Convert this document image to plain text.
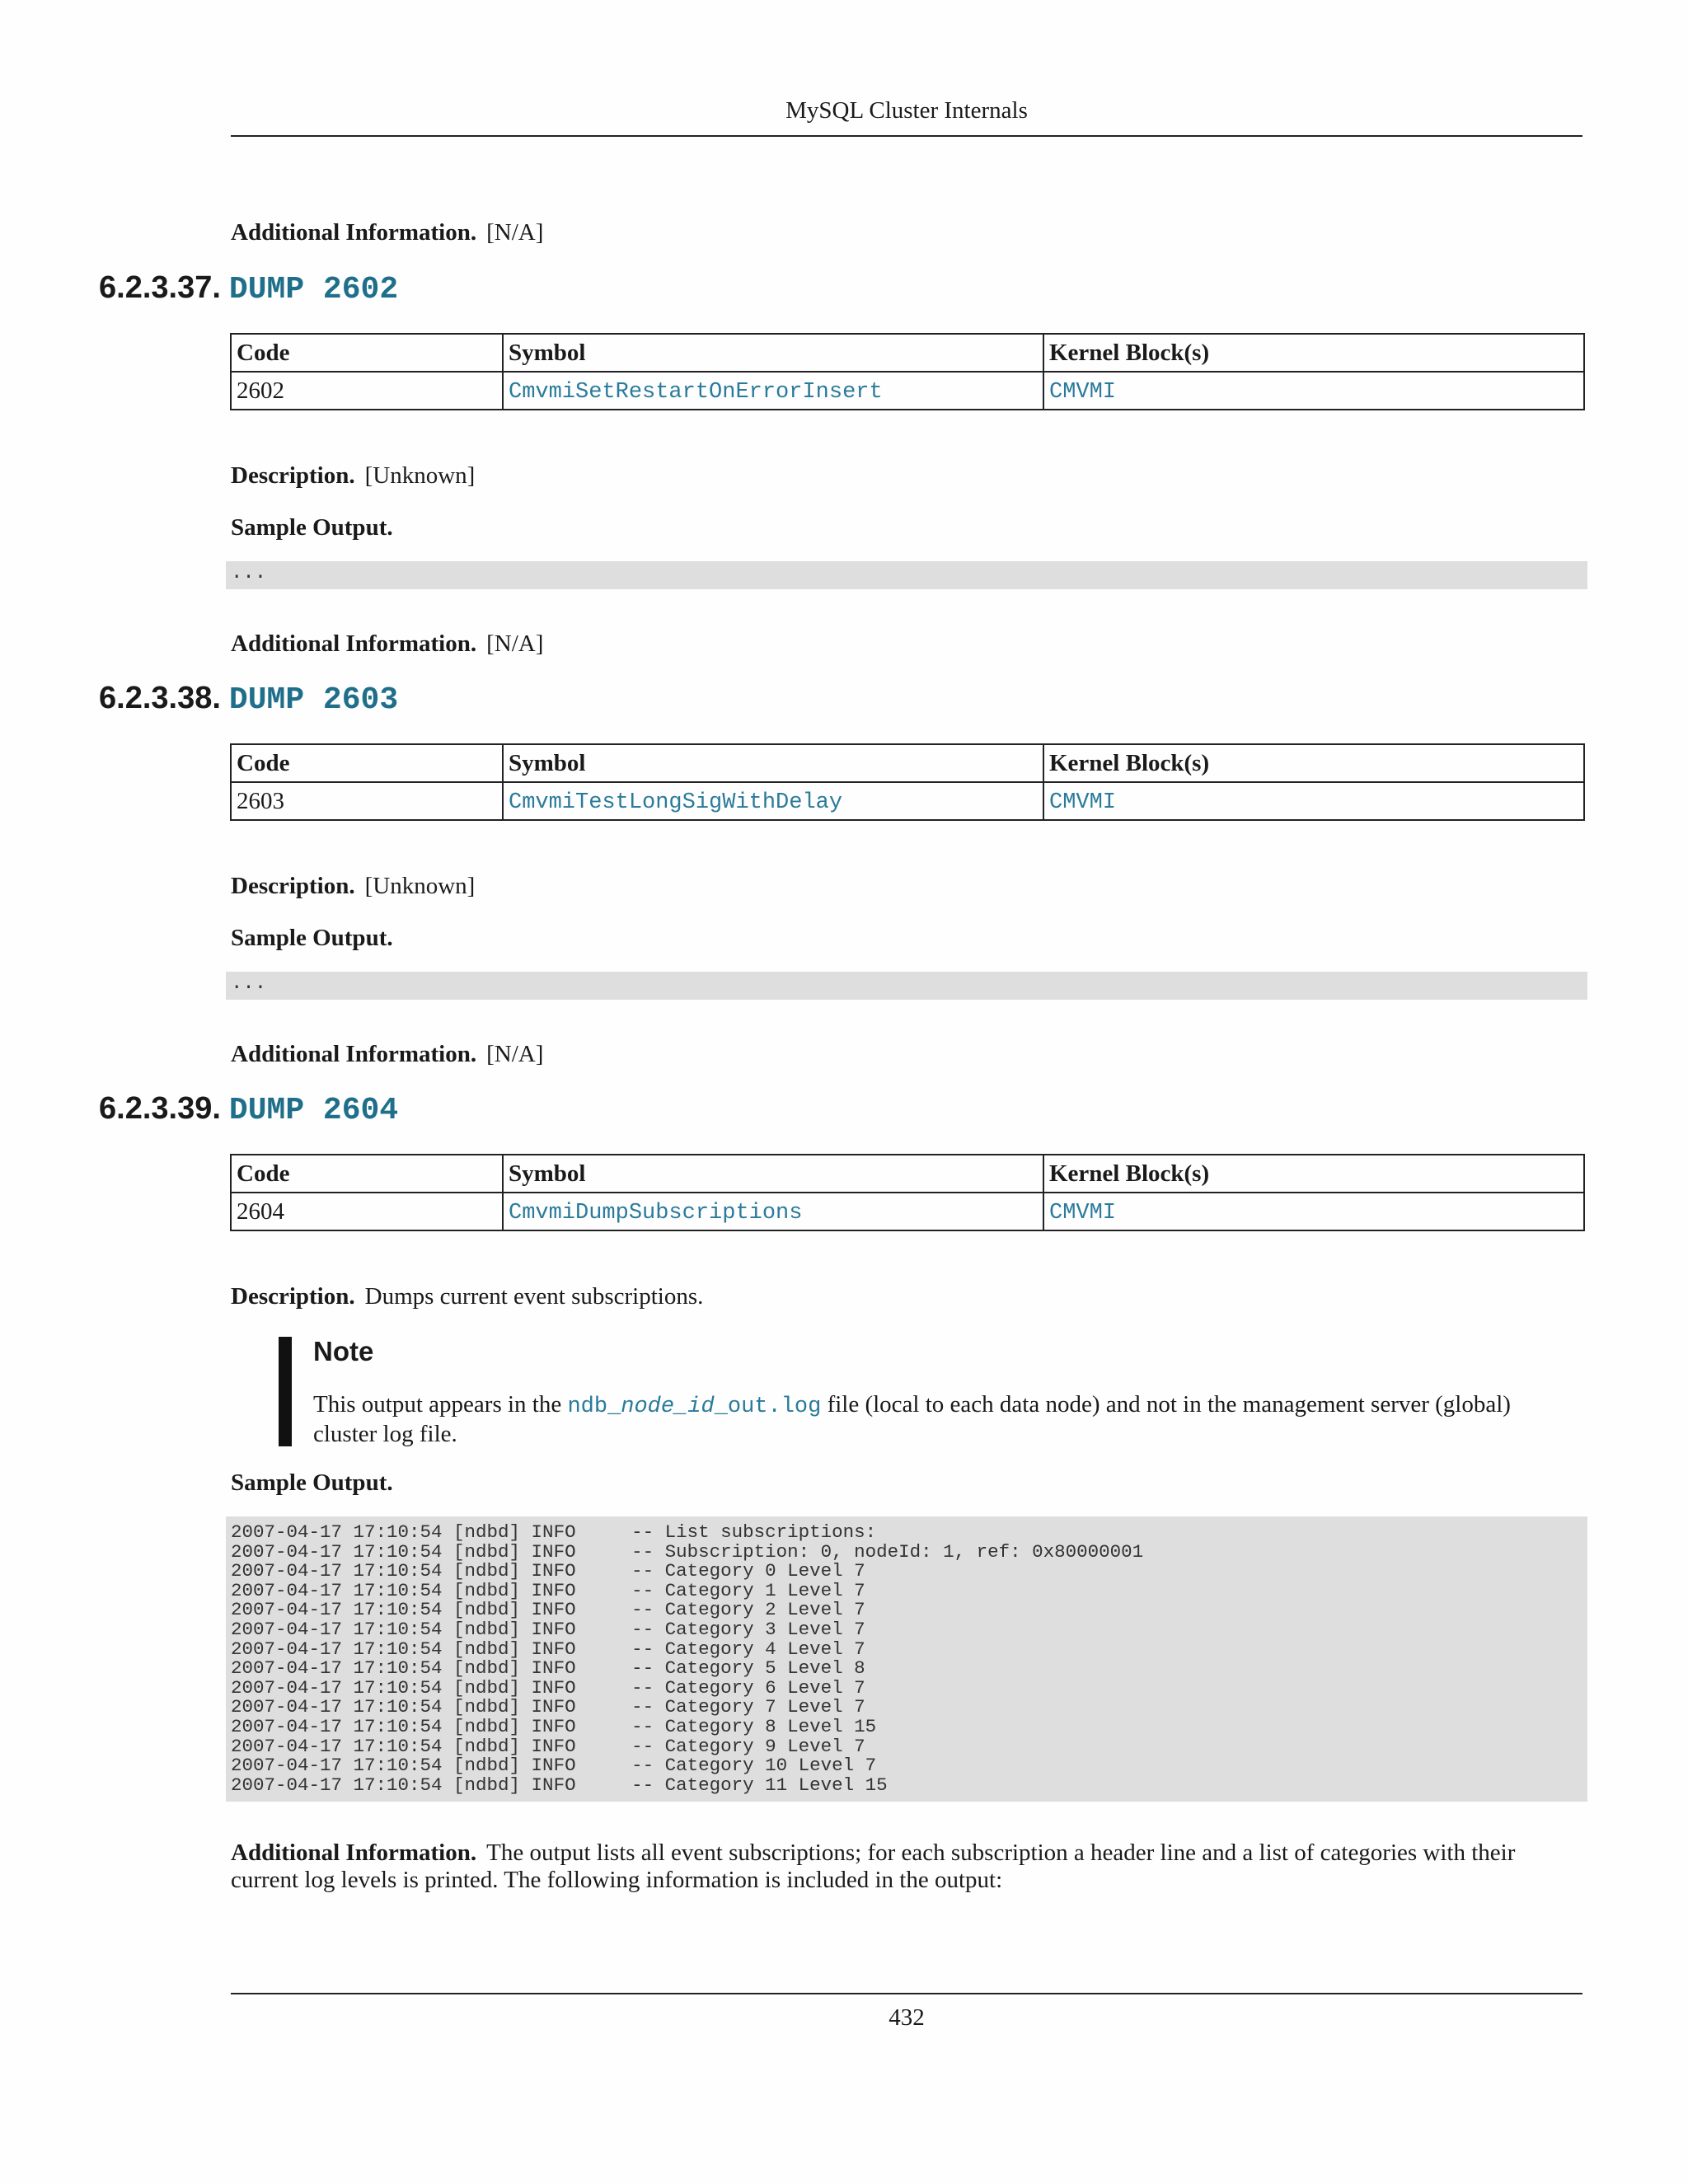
MySQL Cluster Internals
Additional Information. [N/A]
6.2.3.37. DUMP 2602
Code	Symbol	Kernel Block(s)
2602	CmvmiSetRestartOnErrorInsert	CMVMI
Description. [Unknown]
Sample Output.
...
Additional Information. [N/A]
6.2.3.38. DUMP 2603
Code	Symbol	Kernel Block(s)
2603	CmvmiTestLongSigWithDelay	CMVMI
Description. [Unknown]
Sample Output.
...
Additional Information. [N/A]
6.2.3.39. DUMP 2604
Code	Symbol	Kernel Block(s)
2604	CmvmiDumpSubscriptions	CMVMI
Description. Dumps current event subscriptions.
Note
This output appears in the ndb_node_id_out.log file (local to each data node) and not in the management server (global) cluster log file.
Sample Output.
2007-04-17 17:10:54 [ndbd] INFO     -- List subscriptions:
2007-04-17 17:10:54 [ndbd] INFO     -- Subscription: 0, nodeId: 1, ref: 0x80000001
2007-04-17 17:10:54 [ndbd] INFO     -- Category 0 Level 7
2007-04-17 17:10:54 [ndbd] INFO     -- Category 1 Level 7
2007-04-17 17:10:54 [ndbd] INFO     -- Category 2 Level 7
2007-04-17 17:10:54 [ndbd] INFO     -- Category 3 Level 7
2007-04-17 17:10:54 [ndbd] INFO     -- Category 4 Level 7
2007-04-17 17:10:54 [ndbd] INFO     -- Category 5 Level 8
2007-04-17 17:10:54 [ndbd] INFO     -- Category 6 Level 7
2007-04-17 17:10:54 [ndbd] INFO     -- Category 7 Level 7
2007-04-17 17:10:54 [ndbd] INFO     -- Category 8 Level 15
2007-04-17 17:10:54 [ndbd] INFO     -- Category 9 Level 7
2007-04-17 17:10:54 [ndbd] INFO     -- Category 10 Level 7
2007-04-17 17:10:54 [ndbd] INFO     -- Category 11 Level 15
Additional Information. The output lists all event subscriptions; for each subscription a header line and a list of categories with their current log levels is printed. The following information is included in the output:
432
